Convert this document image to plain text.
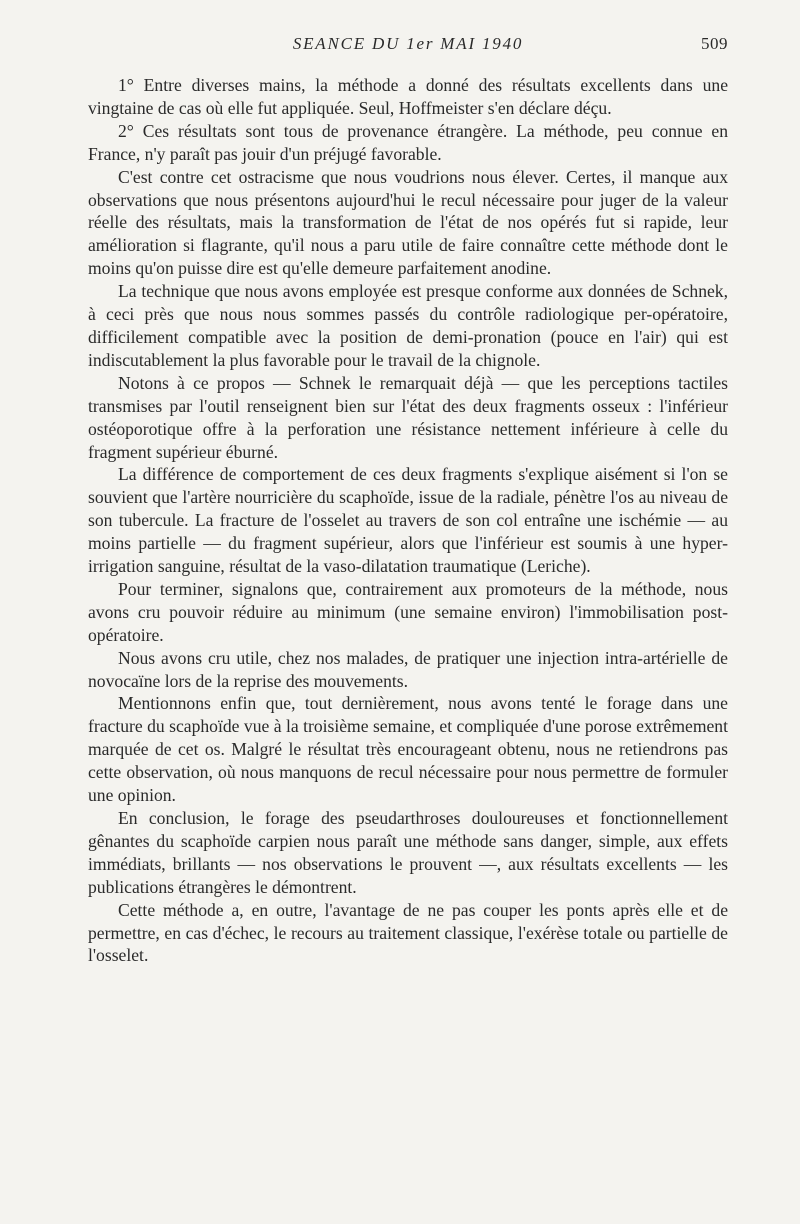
SEANCE DU 1er MAI 1940	509

1° Entre diverses mains, la méthode a donné des résultats excellents dans une vingtaine de cas où elle fut appliquée. Seul, Hoffmeister s'en déclare déçu.

2° Ces résultats sont tous de provenance étrangère. La méthode, peu connue en France, n'y paraît pas jouir d'un préjugé favorable.

C'est contre cet ostracisme que nous voudrions nous élever. Certes, il manque aux observations que nous présentons aujourd'hui le recul nécessaire pour juger de la valeur réelle des résultats, mais la transformation de l'état de nos opérés fut si rapide, leur amélioration si flagrante, qu'il nous a paru utile de faire connaître cette méthode dont le moins qu'on puisse dire est qu'elle demeure parfaitement anodine.

La technique que nous avons employée est presque conforme aux données de Schnek, à ceci près que nous nous sommes passés du contrôle radiologique per-opératoire, difficilement compatible avec la position de demi-pronation (pouce en l'air) qui est indiscutablement la plus favorable pour le travail de la chignole.

Notons à ce propos — Schnek le remarquait déjà — que les perceptions tactiles transmises par l'outil renseignent bien sur l'état des deux fragments osseux : l'inférieur ostéoporotique offre à la perforation une résistance nettement inférieure à celle du fragment supérieur éburné.

La différence de comportement de ces deux fragments s'explique aisément si l'on se souvient que l'artère nourricière du scaphoïde, issue de la radiale, pénètre l'os au niveau de son tubercule. La fracture de l'osselet au travers de son col entraîne une ischémie — au moins partielle — du fragment supérieur, alors que l'inférieur est soumis à une hyper-irrigation sanguine, résultat de la vaso-dilatation traumatique (Leriche).

Pour terminer, signalons que, contrairement aux promoteurs de la méthode, nous avons cru pouvoir réduire au minimum (une semaine environ) l'immobilisation post-opératoire.

Nous avons cru utile, chez nos malades, de pratiquer une injection intra-artérielle de novocaïne lors de la reprise des mouvements.

Mentionnons enfin que, tout dernièrement, nous avons tenté le forage dans une fracture du scaphoïde vue à la troisième semaine, et compliquée d'une porose extrêmement marquée de cet os. Malgré le résultat très encourageant obtenu, nous ne retiendrons pas cette observation, où nous manquons de recul nécessaire pour nous permettre de formuler une opinion.

En conclusion, le forage des pseudarthroses douloureuses et fonctionnellement gênantes du scaphoïde carpien nous paraît une méthode sans danger, simple, aux effets immédiats, brillants — nos observations le prouvent —, aux résultats excellents — les publications étrangères le démontrent.

Cette méthode a, en outre, l'avantage de ne pas couper les ponts après elle et de permettre, en cas d'échec, le recours au traitement classique, l'exérèse totale ou partielle de l'osselet.
